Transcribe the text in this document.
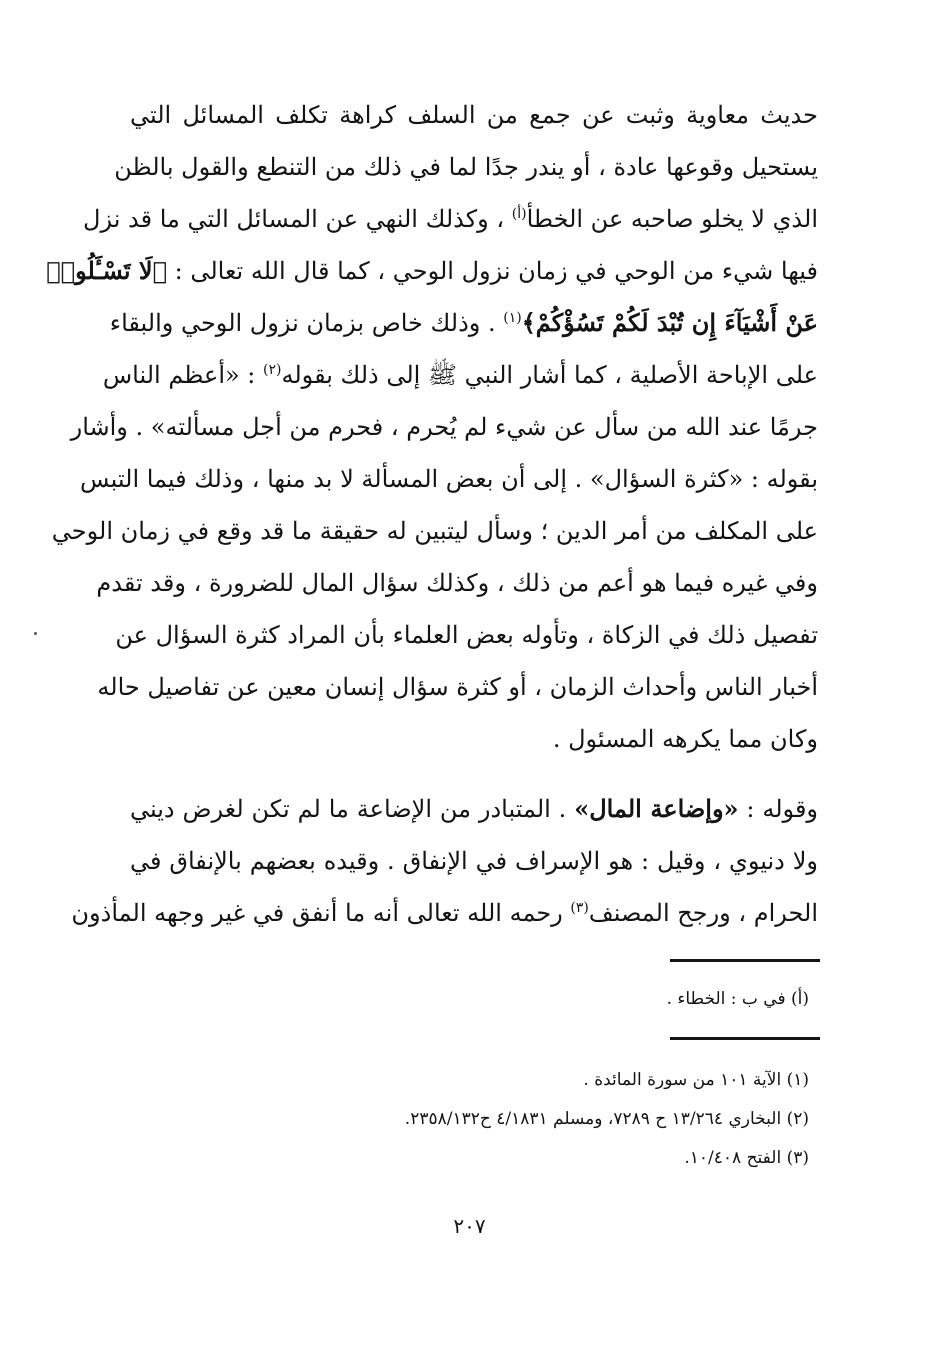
حديث معاوية وثبت عن جمع من السلف كراهة تكلف المسائل التي
يستحيل وقوعها عادة ، أو يندر جدًا لما في ذلك من التنطع والقول بالظن
الذي لا يخلو صاحبه عن الخطأ$^{(أ)}$ ، وكذلك النهي عن المسائل التي ما قد نزل
فيها شيء من الوحي في زمان نزول الوحي ، كما قال الله تعالى : ﴿لَا تَسْـَٔلُوا۟
عَنْ أَشْيَآءَ إِن تُبْدَ لَكُمْ تَسُؤْكُمْ﴾$^{(١)}$ . وذلك خاص بزمان نزول الوحي والبقاء
على الإباحة الأصلية ، كما أشار النبي ﷺ إلى ذلك بقوله$^{(٢)}$ : «أعظم الناس
جرمًا عند الله من سأل عن شيء لم يُحرم ، فحرم من أجل مسألته» . وأشار
بقوله : «كثرة السؤال» . إلى أن بعض المسألة لا بد منها ، وذلك فيما التبس
على المكلف من أمر الدين ؛ وسأل ليتبين له حقيقة ما قد وقع في زمان الوحي
وفي غيره فيما هو أعم من ذلك ، وكذلك سؤال المال للضرورة ، وقد تقدم
تفصيل ذلك في الزكاة ، وتأوله بعض العلماء بأن المراد كثرة السؤال عن
أخبار الناس وأحداث الزمان ، أو كثرة سؤال إنسان معين عن تفاصيل حاله
وكان مما يكرهه المسئول .
وقوله : «وإضاعة المال» . المتبادر من الإضاعة ما لم تكن لغرض ديني
ولا دنيوي ، وقيل : هو الإسراف في الإنفاق . وقيده بعضهم بالإنفاق في
الحرام ، ورجح المصنف$^{(٣)}$ رحمه الله تعالى أنه ما أنفق في غير وجهه المأذون
(أ) في ب : الخطاء .
(١) الآية ١٠١ من سورة المائدة .
(٢) البخاري ١٣/٢٦٤ ح ٧٢٨٩، ومسلم ٤/١٨٣١ ح٢٣٥٨/١٣٢.
(٣) الفتح ١٠/٤٠٨.
٢٠٧
